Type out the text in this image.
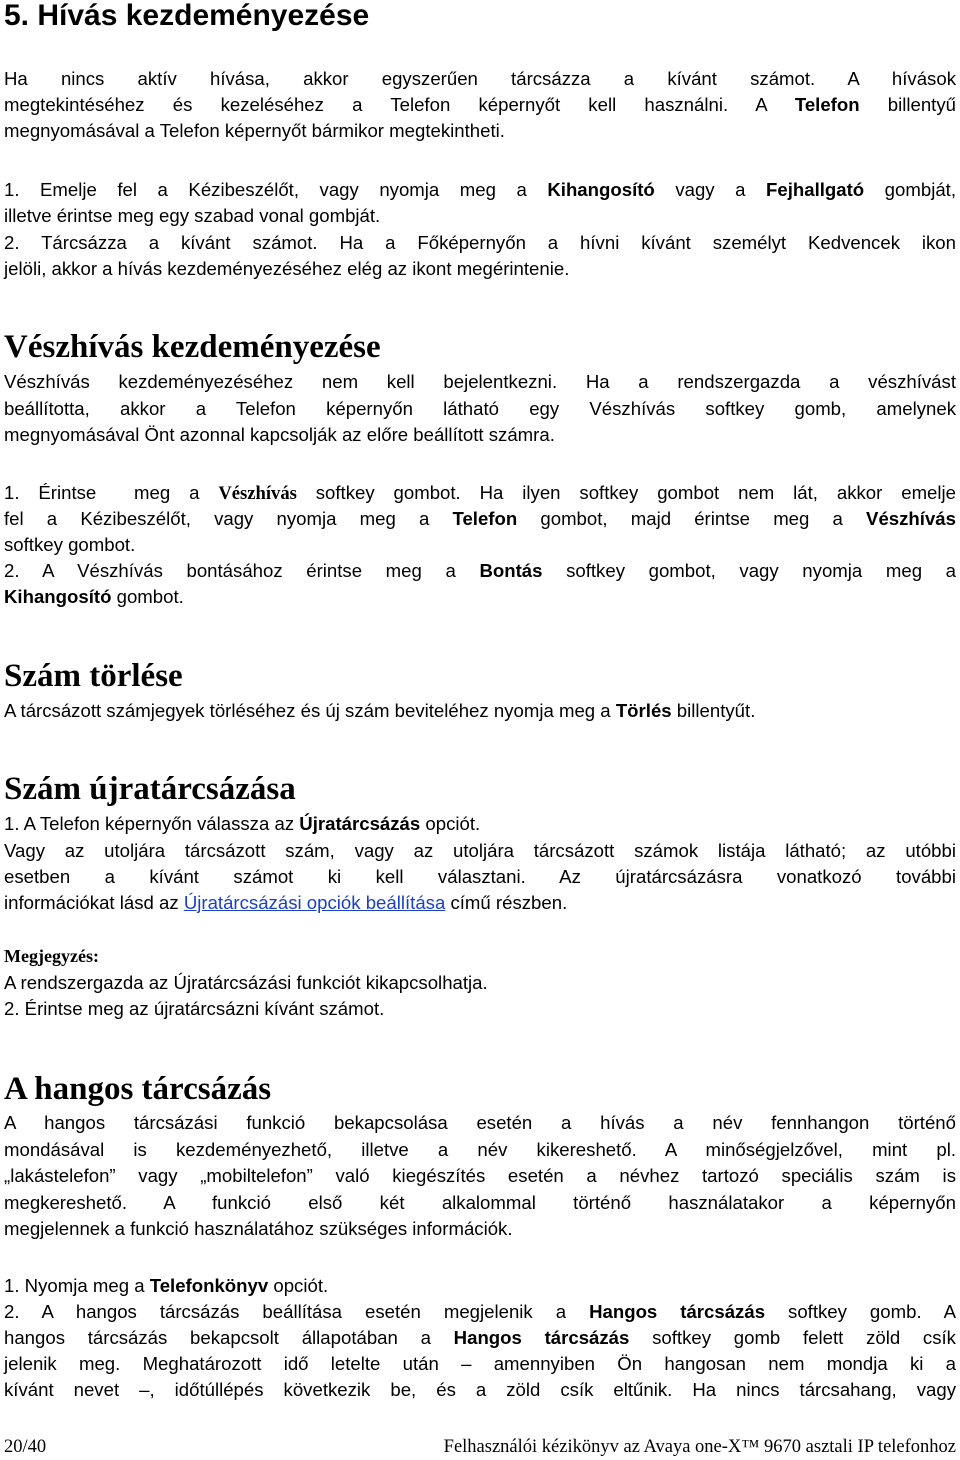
5. Hívás kezdeményezése
Ha nincs aktív hívása, akkor egyszerűen tárcsázza a kívánt számot. A hívások
megtekintéséhez és kezeléséhez a Telefon képernyőt kell használni. A Telefon billentyű
megnyomásával a Telefon képernyőt bármikor megtekintheti.
1. Emelje fel a Kézibeszélőt, vagy nyomja meg a Kihangosító vagy a Fejhallgató gombját,
illetve érintse meg egy szabad vonal gombját.
2. Tárcsázza a kívánt számot. Ha a Főképernyőn a hívni kívánt személyt Kedvencek ikon
jelöli, akkor a hívás kezdeményezéséhez elég az ikont megérintenie.
Vészhívás kezdeményezése
Vészhívás kezdeményezéséhez nem kell bejelentkezni. Ha a rendszergazda a vészhívást
beállította, akkor a Telefon képernyőn látható egy Vészhívás softkey gomb, amelynek
megnyomásával Önt azonnal kapcsolják az előre beállított számra.
1. Érintse  meg a Vészhívás softkey gombot. Ha ilyen softkey gombot nem lát, akkor emelje
fel a Kézibeszélőt, vagy nyomja meg a Telefon gombot, majd érintse meg a Vészhívás
softkey gombot.
2. A Vészhívás bontásához érintse meg a Bontás softkey gombot, vagy nyomja meg a
Kihangosító gombot.
Szám törlése
A tárcsázott számjegyek törléséhez és új szám beviteléhez nyomja meg a Törlés billentyűt.
Szám újratárcsázása
1. A Telefon képernyőn válassza az Újratárcsázás opciót.
Vagy az utoljára tárcsázott szám, vagy az utoljára tárcsázott számok listája látható; az utóbbi
esetben a kívánt számot ki kell választani. Az újratárcsázásra vonatkozó további
információkat lásd az Újratárcsázási opciók beállítása című részben.
Megjegyzés:
A rendszergazda az Újratárcsázási funkciót kikapcsolhatja.
2. Érintse meg az újratárcsázni kívánt számot.
A hangos tárcsázás
A hangos tárcsázási funkció bekapcsolása esetén a hívás a név fennhangon történő
mondásával is kezdeményezhető, illetve a név kikereshető. A minőségjelzővel, mint pl.
„lakástelefon” vagy „mobiltelefon” való kiegészítés esetén a névhez tartozó speciális szám is
megkereshető. A funkció első két alkalommal történő használatakor a képernyőn
megjelennek a funkció használatához szükséges információk.
1. Nyomja meg a Telefonkönyv opciót.
2. A hangos tárcsázás beállítása esetén megjelenik a Hangos tárcsázás softkey gomb. A
hangos tárcsázás bekapcsolt állapotában a Hangos tárcsázás softkey gomb felett zöld csík
jelenik meg. Meghatározott idő letelte után – amennyiben Ön hangosan nem mondja ki a
kívánt nevet –, időtúllépés következik be, és a zöld csík eltűnik. Ha nincs tárcsahang, vagy
20/40	Felhasználói kézikönyv az Avaya one-X™ 9670 asztali IP telefonhoz
